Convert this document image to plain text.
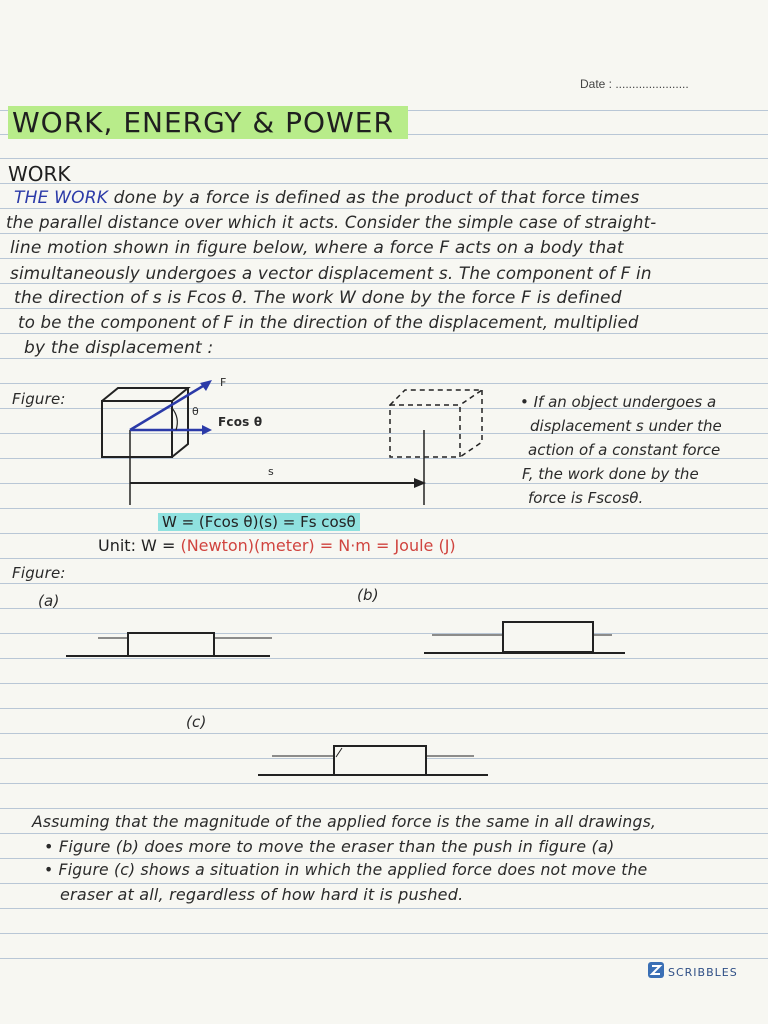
Date : ......................
WORK, ENERGY & POWER
WORK
THE WORK done by a force is defined as the product of that force times
the parallel distance over which it acts. Consider the simple case of straight-
line motion shown in figure below, where a force F acts on a body that
simultaneously undergoes a vector displacement s. The component of F in
the direction of s is Fcos θ. The work W done by the force F is defined
to be the component of F in the direction of the displacement, multiplied
by the displacement :
Figure:
F
θ
Fcos θ
s
• If an object undergoes a
displacement s under the
action of a constant force
F, the work done by the
force is Fscosθ.
W = (Fcos θ)(s) = Fs cosθ
Unit: W = (Newton)(meter) = N·m = Joule (J)
Figure:
(a)	(b)
(c)
Assuming that the magnitude of the applied force is the same in all drawings,
• Figure (b) does more to move the eraser than the push in figure (a)
• Figure (c) shows a situation in which the applied force does not move the
eraser at all, regardless of how hard it is pushed.
SCRIBBLES
